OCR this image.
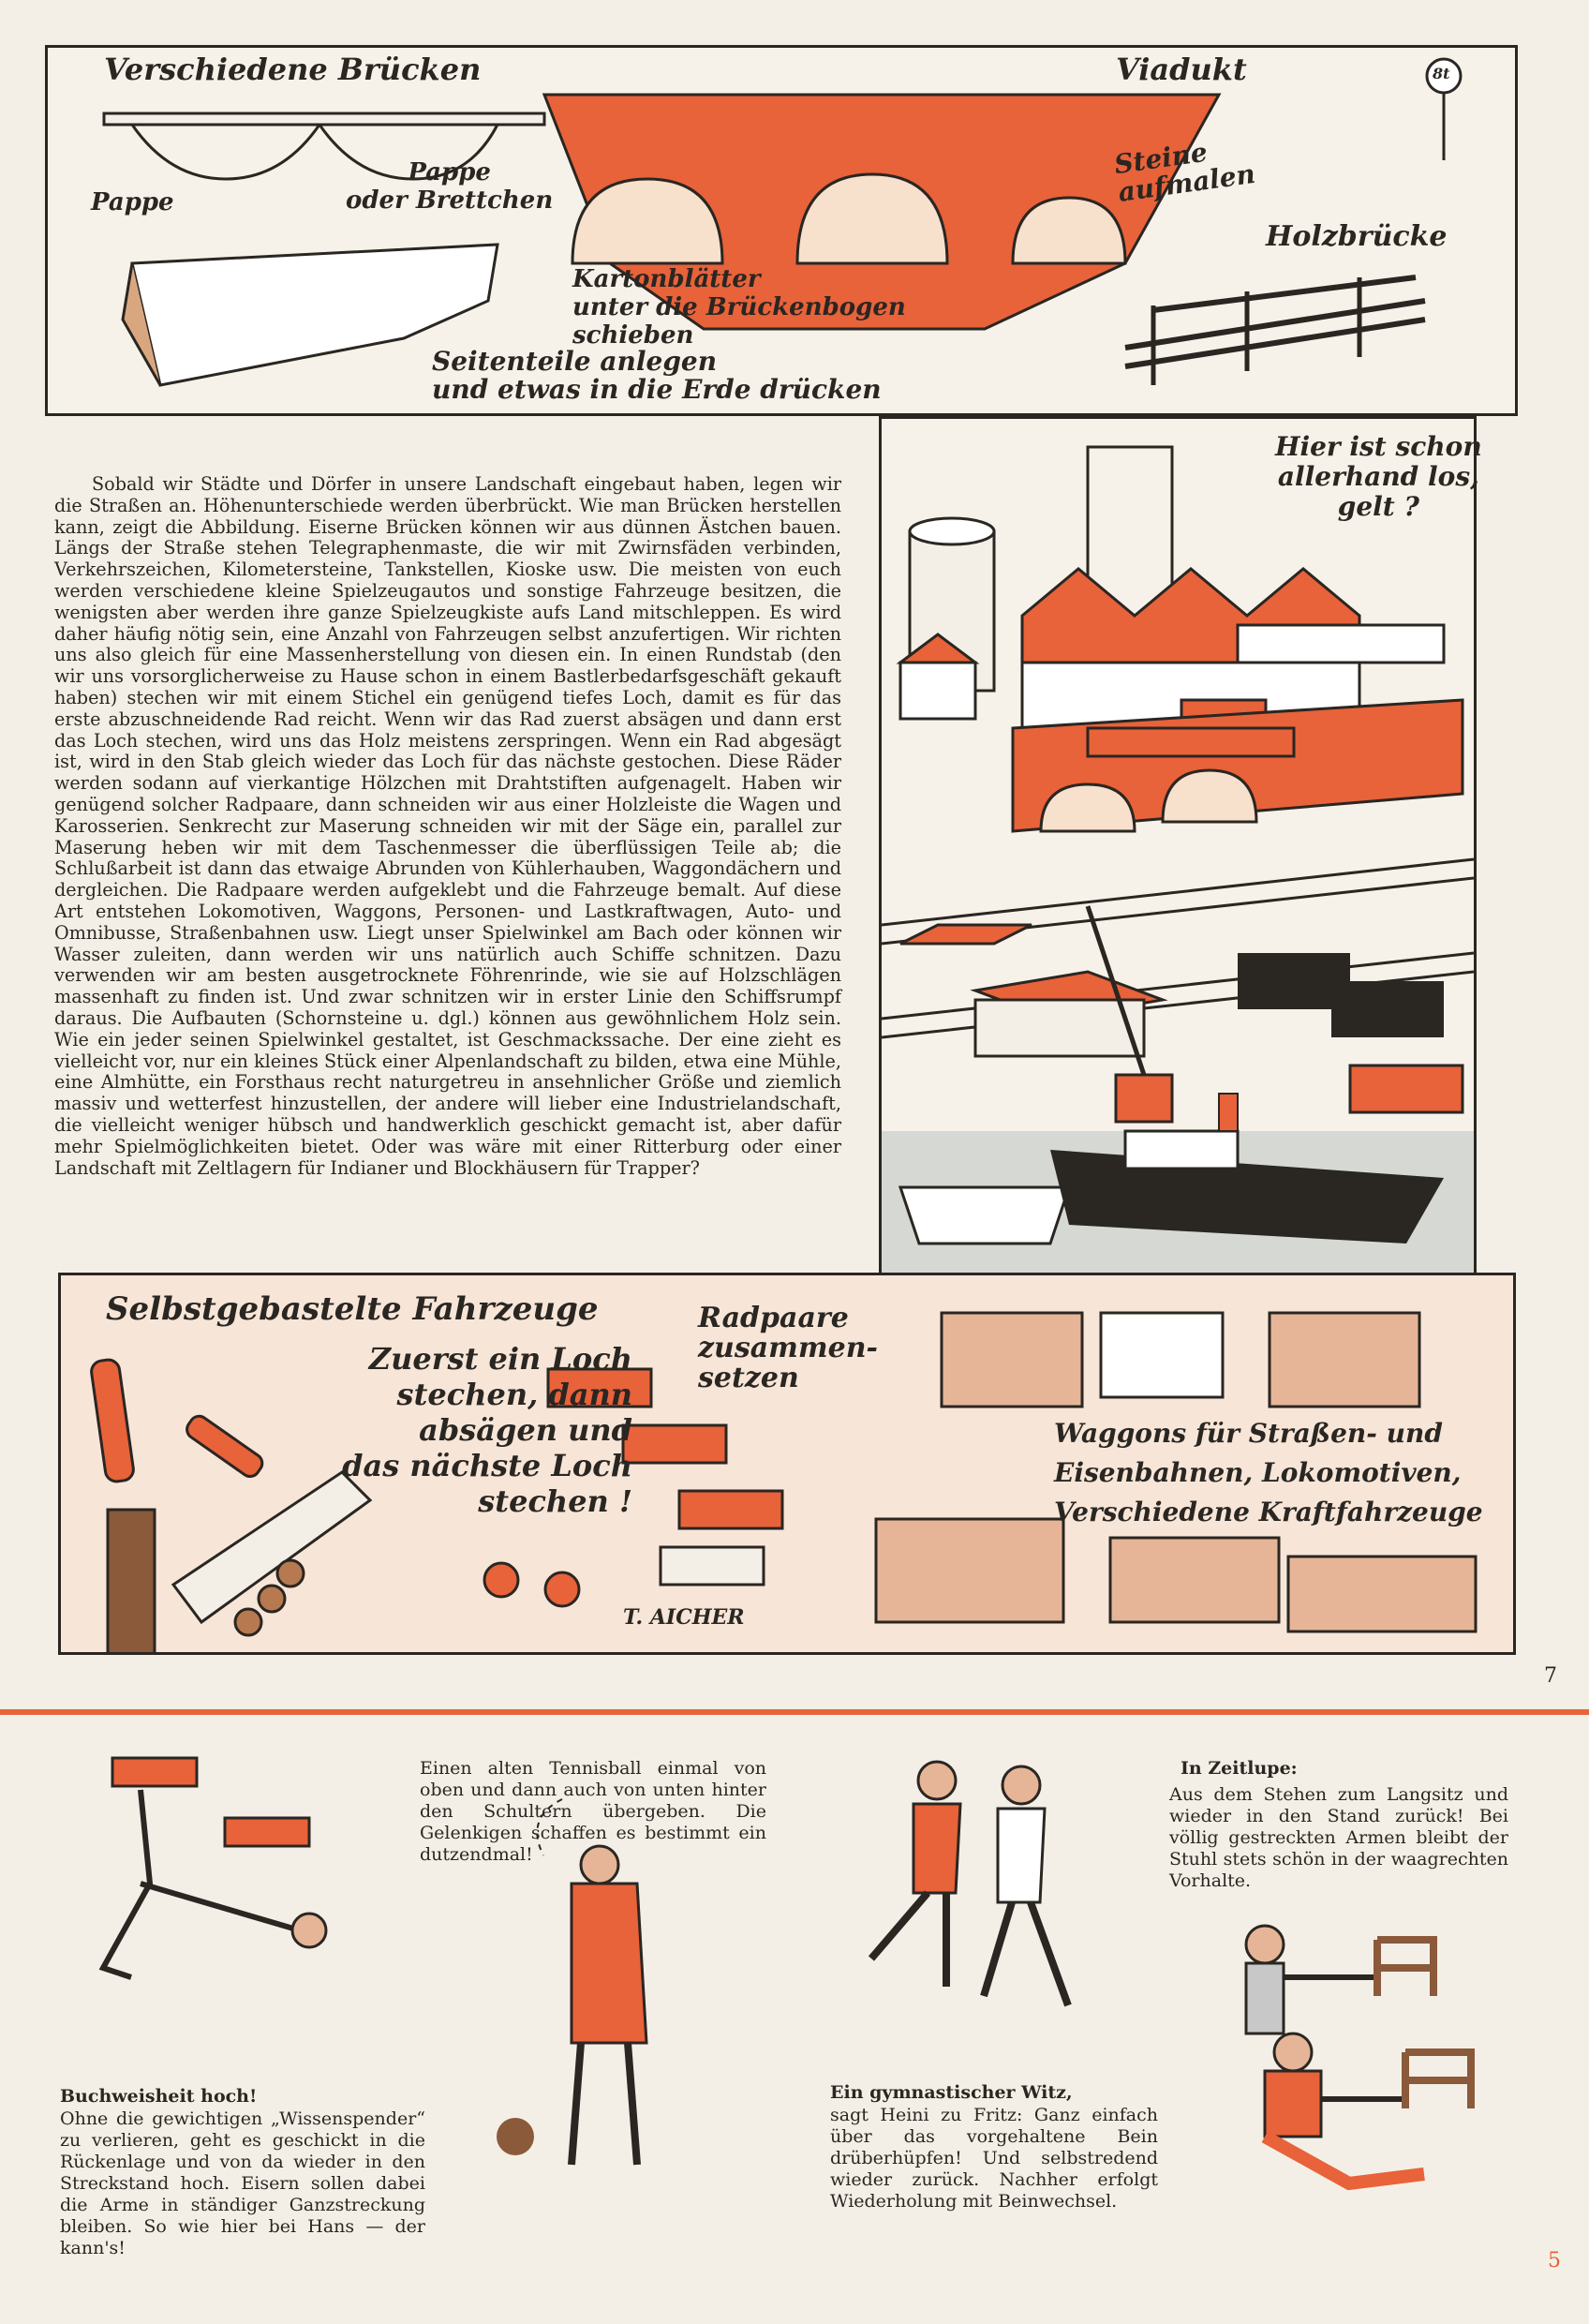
Verschiedene Brücken	Viadukt	8t
Pappe
Pappe
oder Brettchen
Steine
aufmalen
Holzbrücke
Kartonblätter
unter die Brückenbogen
schieben
Seitenteile anlegen
und etwas in die Erde drücken
Hier ist schon
allerhand los,
gelt ?

Sobald wir Städte und Dörfer in unsere Landschaft eingebaut haben, legen wir die Straßen an. Höhenunterschiede werden überbrückt. Wie man Brücken herstellen kann, zeigt die Abbildung. Eiserne Brücken können wir aus dünnen Ästchen bauen. Längs der Straße stehen Telegraphenmaste, die wir mit Zwirnsfäden verbinden, Verkehrszeichen, Kilometersteine, Tankstellen, Kioske usw. Die meisten von euch werden verschiedene kleine Spielzeugautos und sonstige Fahrzeuge besitzen, die wenigsten aber werden ihre ganze Spielzeugkiste aufs Land mitschleppen. Es wird daher häufig nötig sein, eine Anzahl von Fahrzeugen selbst anzufertigen. Wir richten uns also gleich für eine Massenherstellung von diesen ein. In einen Rundstab (den wir uns vorsorglicherweise zu Hause schon in einem Bastlerbedarfsgeschäft gekauft haben) stechen wir mit einem Stichel ein genügend tiefes Loch, damit es für das erste abzuschneidende Rad reicht. Wenn wir das Rad zuerst absägen und dann erst das Loch stechen, wird uns das Holz meistens zerspringen. Wenn ein Rad abgesägt ist, wird in den Stab gleich wieder das Loch für das nächste gestochen. Diese Räder werden sodann auf vierkantige Hölzchen mit Drahtstiften aufgenagelt. Haben wir genügend solcher Radpaare, dann schneiden wir aus einer Holzleiste die Wagen und Karosserien. Senkrecht zur Maserung schneiden wir mit der Säge ein, parallel zur Maserung heben wir mit dem Taschenmesser die überflüssigen Teile ab; die Schlußarbeit ist dann das etwaige Abrunden von Kühlerhauben, Waggondächern und dergleichen. Die Radpaare werden aufgeklebt und die Fahrzeuge bemalt. Auf diese Art entstehen Lokomotiven, Waggons, Personen- und Lastkraftwagen, Auto- und Omnibusse, Straßenbahnen usw. Liegt unser Spielwinkel am Bach oder können wir Wasser zuleiten, dann werden wir uns natürlich auch Schiffe schnitzen. Dazu verwenden wir am besten ausgetrocknete Föhrenrinde, wie sie auf Holzschlägen massenhaft zu finden ist. Und zwar schnitzen wir in erster Linie den Schiffsrumpf daraus. Die Aufbauten (Schornsteine u. dgl.) können aus gewöhnlichem Holz sein. Wie ein jeder seinen Spielwinkel gestaltet, ist Geschmackssache. Der eine zieht es vielleicht vor, nur ein kleines Stück einer Alpenlandschaft zu bilden, etwa eine Mühle, eine Almhütte, ein Forsthaus recht naturgetreu in ansehnlicher Größe und ziemlich massiv und wetterfest hinzustellen, der andere will lieber eine Industrielandschaft, die vielleicht weniger hübsch und handwerklich geschickt gemacht ist, aber dafür mehr Spielmöglichkeiten bietet. Oder was wäre mit einer Ritterburg oder einer Landschaft mit Zeltlagern für Indianer und Blockhäusern für Trapper?

Selbstgebastelte Fahrzeuge
Zuerst ein Loch
stechen, dann
absägen und
das nächste Loch
stechen !
Radpaare
zusammen-
setzen
Waggons für Straßen- und
Eisenbahnen, Lokomotiven,
Verschiedene Kraftfahrzeuge
T. AICHER
7
Einen alten Tennisball einmal von oben und dann auch von unten hinter den Schultern übergeben. Die Gelenkigen schaffen es bestimmt ein dutzendmal!
Buchweisheit hoch!
Ohne die gewichtigen „Wissenspender“ zu verlieren, geht es geschickt in die Rückenlage und von da wieder in den Streckstand hoch. Eisern sollen dabei die Arme in ständiger Ganzstreckung bleiben. So wie hier bei Hans — der kann's!
Ein gymnastischer Witz,
sagt Heini zu Fritz: Ganz einfach über das vorgehaltene Bein drüberhüpfen! Und selbstredend wieder zurück. Nachher erfolgt Wiederholung mit Beinwechsel.
In Zeitlupe:
Aus dem Stehen zum Langsitz und wieder in den Stand zurück! Bei völlig gestreckten Armen bleibt der Stuhl stets schön in der waagrechten Vorhalte.
5
